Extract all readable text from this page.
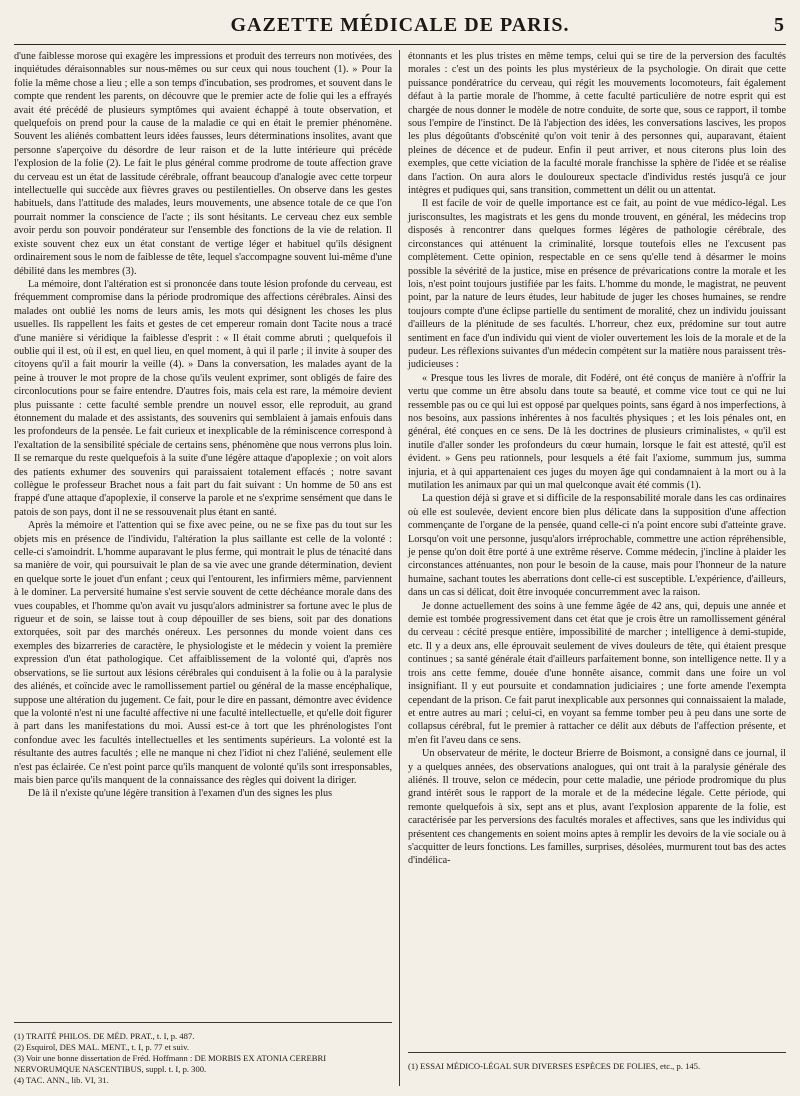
GAZETTE MÉDICALE DE PARIS.	5

d'une faiblesse morose qui exagère les impressions et produit des terreurs non motivées, des inquiétudes déraisonnables sur nous-mêmes ou sur ceux qui nous touchent (1). » Pour la folie la même chose a lieu ; elle a son temps d'incubation, ses prodromes, et souvent dans le compte que rendent les parents, on découvre que le premier acte de folie qui les a effrayés avait été précédé de plusieurs symptômes qui avaient échappé à toute observation, et quelquefois on prend pour la cause de la maladie ce qui en était le premier phénomène. Souvent les aliénés combattent leurs idées fausses, leurs déterminations insolites, avant que personne s'aperçoive du désordre de leur raison et de la lutte intérieure qui précède l'explosion de la folie (2). Le fait le plus général comme prodrome de toute affection grave du cerveau est un état de lassitude cérébrale, offrant beaucoup d'analogie avec cette torpeur intellectuelle qui succède aux fièvres graves ou pestilentielles. On observe dans les gestes habituels, dans l'attitude des malades, leurs mouvements, une absence totale de ce que l'on pourrait nommer la conscience de l'acte ; ils sont hésitants. Le cerveau chez eux semble avoir perdu son pouvoir pondérateur sur l'ensemble des fonctions de la vie de relation. Il existe souvent chez eux un état constant de vertige léger et habituel qu'ils désignent ordinairement sous le nom de faiblesse de tête, lequel s'accompagne souvent lui-même d'une débilité dans les membres (3).

La mémoire, dont l'altération est si prononcée dans toute lésion profonde du cerveau, est fréquemment compromise dans la période prodromique des affections cérébrales. Ainsi des malades ont oublié les noms de leurs amis, les mots qui désignent les choses les plus usuelles. Ils rappellent les faits et gestes de cet empereur romain dont Tacite nous a tracé d'une manière si véridique la faiblesse d'esprit : « Il était comme abruti ; quelquefois il oublie qui il est, où il est, en quel lieu, en quel moment, à qui il parle ; il invite à souper des citoyens qu'il a fait mourir la veille (4). » Dans la conversation, les malades ayant de la peine à trouver le mot propre de la chose qu'ils veulent exprimer, sont obligés de faire des circonlocutions pour se faire entendre. D'autres fois, mais cela est rare, la mémoire devient plus puissante : cette faculté semble prendre un nouvel essor, elle reproduit, au grand étonnement du malade et des assistants, des souvenirs qui semblaient à jamais enfouis dans les profondeurs de la pensée. Le fait curieux et inexplicable de la réminiscence correspond à l'exaltation de la sensibilité spéciale de certains sens, phénomène que nous verrons plus loin. Il se remarque du reste quelquefois à la suite d'une légère attaque d'apoplexie ; on voit alors des patients exhumer des souvenirs qui paraissaient totalement effacés ; notre savant collègue le professeur Brachet nous a fait part du fait suivant : Un homme de 50 ans est frappé d'une attaque d'apoplexie, il conserve la parole et ne s'exprime sensément que dans le patois de son pays, dont il ne se ressouvenait plus étant en santé.

Après la mémoire et l'attention qui se fixe avec peine, ou ne se fixe pas du tout sur les objets mis en présence de l'individu, l'altération la plus saillante est celle de la volonté : celle-ci s'amoindrit. L'homme auparavant le plus ferme, qui montrait le plus de ténacité dans sa manière de voir, qui poursuivait le plan de sa vie avec une grande détermination, devient en quelque sorte le jouet d'un enfant ; ceux qui l'entourent, les infirmiers même, parviennent à le dominer. La perversité humaine s'est servie souvent de cette déchéance morale dans des vues coupables, et l'homme qu'on avait vu jusqu'alors administrer sa fortune avec le plus de rigueur et de soin, se laisse tout à coup dépouiller de ses biens, soit par des donations extorquées, soit par des marchés onéreux. Les personnes du monde voient dans ces exemples des bizarreries de caractère, le physiologiste et le médecin y voient la première expression d'un état pathologique. Cet affaiblissement de la volonté qui, d'après nos observations, se lie surtout aux lésions cérébrales qui conduisent à la folie ou à la paralysie des aliénés, et coïncide avec le ramollissement partiel ou général de la masse encéphalique, suppose une altération du jugement. Ce fait, pour le dire en passant, démontre avec évidence que la volonté n'est ni une faculté affective ni une faculté intellectuelle, et qu'elle doit figurer à part dans les manifestations du moi. Aussi est-ce à tort que les phrénologistes l'ont confondue avec les facultés intellectuelles et les sentiments supérieurs. La volonté est la résultante des autres facultés ; elle ne manque ni chez l'idiot ni chez l'aliéné, seulement elle n'est pas éclairée. Ce n'est point parce qu'ils manquent de volonté qu'ils sont irresponsables, mais bien parce qu'ils manquent de la connaissance des règles qui doivent la diriger.

De là il n'existe qu'une légère transition à l'examen d'un des signes les plus

(1) TRAITÉ PHILOS. DE MÉD. PRAT., t. I, p. 487.
(2) Esquirol, DES MAL. MENT., t. I, p. 77 et suiv.
(3) Voir une bonne dissertation de Fréd. Hoffmann : DE MORBIS EX ATONIA CEREBRI NERVORUMQUE NASCENTIBUS, suppl. t. I, p. 300.
(4) TAC. ANN., lib. VI, 31.

étonnants et les plus tristes en même temps, celui qui se tire de la perversion des facultés morales : c'est un des points les plus mystérieux de la psychologie. On dirait que cette puissance pondératrice du cerveau, qui régit les mouvements locomoteurs, fait également défaut à la partie morale de l'homme, à cette faculté particulière de notre esprit qui est chargée de nous donner le modèle de notre conduite, de sorte que, sous ce rapport, il tombe sous l'empire de l'instinct. De là l'abjection des idées, les conversations lascives, les propos les plus dégoûtants d'obscénité qu'on voit tenir à des personnes qui, auparavant, étaient pleines de décence et de pudeur. Enfin il peut arriver, et nous citerons plus loin des exemples, que cette viciation de la faculté morale franchisse la sphère de l'idée et se réalise dans l'action. On aura alors le douloureux spectacle d'individus restés jusqu'à ce jour intègres et pudiques qui, sans transition, commettent un délit ou un attentat.

Il est facile de voir de quelle importance est ce fait, au point de vue médico-légal. Les jurisconsultes, les magistrats et les gens du monde trouvent, en général, les médecins trop disposés à rencontrer dans quelques formes légères de pathologie cérébrale, des circonstances qui atténuent la criminalité, lorsque toutefois elles ne l'excusent pas complètement. Cette opinion, respectable en ce sens qu'elle tend à désarmer le moins possible la sévérité de la justice, mise en présence de prévarications contre la morale et les lois, n'est point toujours justifiée par les faits. L'homme du monde, le magistrat, ne peuvent point, par la nature de leurs études, leur habitude de juger les choses humaines, se rendre toujours compte d'une éclipse partielle du sentiment de moralité, chez un individu jouissant d'ailleurs de la plénitude de ses facultés. L'horreur, chez eux, prédomine sur tout autre sentiment en face d'un individu qui vient de violer ouvertement les lois de la morale et de la pudeur. Les réflexions suivantes d'un médecin compétent sur la matière nous paraissent très-judicieuses :

« Presque tous les livres de morale, dit Fodéré, ont été conçus de manière à n'offrir la vertu que comme un être absolu dans toute sa beauté, et comme vice tout ce qui ne lui ressemble pas ou ce qui lui est opposé par quelques points, sans égard à nos imperfections, à nos besoins, aux passions inhérentes à nos facultés physiques ; et les lois pénales ont, en général, été conçues en ce sens. De là les doctrines de plusieurs criminalistes, « qu'il est inutile d'aller sonder les profondeurs du cœur humain, lorsque le fait est attesté, qu'il est évident. » Gens peu rationnels, pour lesquels a été fait l'axiome, summum jus, summa injuria, et à qui appartenaient ces juges du moyen âge qui condamnaient à la mort ou à la mutilation les animaux par qui un mal quelconque avait été commis (1).

La question déjà si grave et si difficile de la responsabilité morale dans les cas ordinaires où elle est soulevée, devient encore bien plus délicate dans la supposition d'une affection commençante de l'organe de la pensée, quand celle-ci n'a point encore subi d'atteinte grave. Lorsqu'on voit une personne, jusqu'alors irréprochable, commettre une action répréhensible, je pense qu'on doit être porté à une extrême réserve. Comme médecin, j'incline à plaider les circonstances atténuantes, non pour le besoin de la cause, mais pour l'honneur de la nature humaine, sachant toutes les aberrations dont celle-ci est susceptible. L'expérience, d'ailleurs, dans un cas si délicat, doit être invoquée concurremment avec la raison.

Je donne actuellement des soins à une femme âgée de 42 ans, qui, depuis une année et demie est tombée progressivement dans cet état que je crois être un ramollissement général du cerveau : cécité presque entière, impossibilité de marcher ; intelligence à demi-stupide, etc. Il y a deux ans, elle éprouvait seulement de vives douleurs de tête, qui étaient presque continues ; sa santé générale était d'ailleurs parfaitement bonne, son intelligence nette. Il y a trois ans cette femme, douée d'une honnête aisance, commit dans une foire un vol insignifiant. Il y eut poursuite et condamnation judiciaires ; une forte amende l'exempta cependant de la prison. Ce fait parut inexplicable aux personnes qui connaissaient la malade, et entre autres au mari ; celui-ci, en voyant sa femme tomber peu à peu dans une sorte de collapsus cérébral, fut le premier à rattacher ce délit aux débuts de l'affection présente, et m'en fit l'aveu dans ce sens.

Un observateur de mérite, le docteur Brierre de Boismont, a consigné dans ce journal, il y a quelques années, des observations analogues, qui ont trait à la paralysie générale des aliénés. Il trouve, selon ce médecin, pour cette maladie, une période prodromique du plus grand intérêt sous le rapport de la morale et de la médecine légale. Cette période, qui remonte quelquefois à six, sept ans et plus, avant l'explosion apparente de la folie, est caractérisée par les perversions des facultés morales et affectives, sans que les individus qui présentent ces changements en soient moins aptes à remplir les devoirs de la vie sociale ou à s'acquitter de leurs fonctions. Les familles, surprises, désolées, murmurent tout bas des actes d'indélica-

(1) ESSAI MÉDICO-LÉGAL SUR DIVERSES ESPÈCES DE FOLIES, etc., p. 145.
